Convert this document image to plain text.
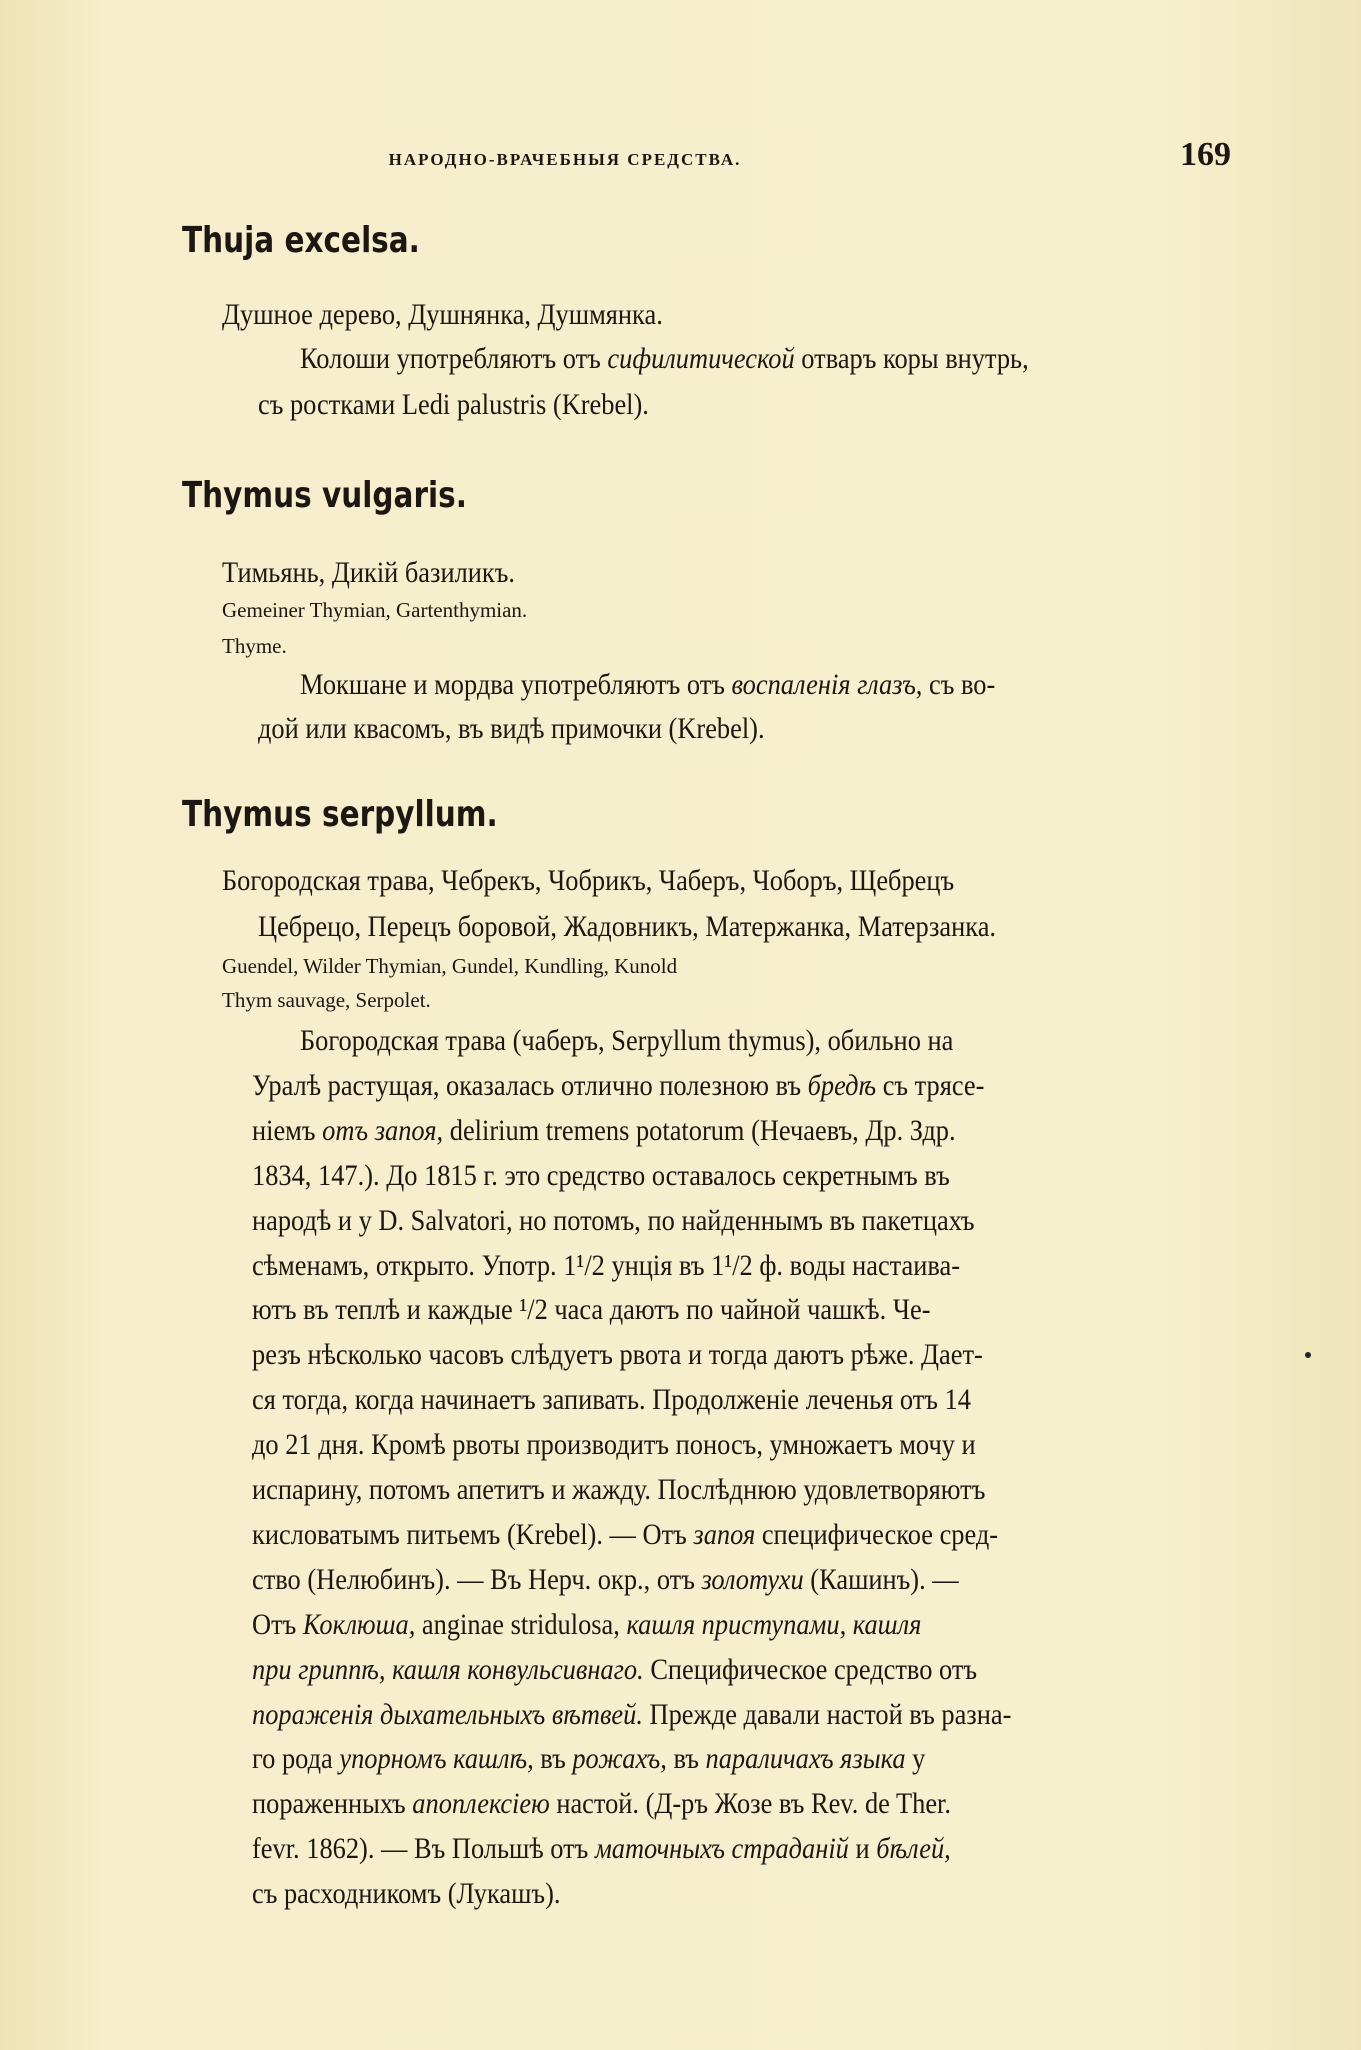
НАРОДНО-ВРАЧЕБНЫЯ СРЕДСТВА.	169
Thuja excelsa.
Душное дерево, Душнянка, Душмянка.
Колоши употребляютъ отъ сифилитической отваръ коры внутрь,
съ ростками Ledi palustris (Krebel).
Thymus vulgaris.
Тимьянь, Дикій базиликъ.
Gemeiner Thymian, Gartenthymian.
Thyme.
Мокшане и мордва употребляютъ отъ воспаленія глазъ, съ во-
дой или квасомъ, въ видѣ примочки (Krebel).
Thymus serpyllum.
Богородская трава, Чебрекъ, Чобрикъ, Чаберъ, Чоборъ, Щебрецъ
Цебрецо, Перецъ боровой, Жадовникъ, Матержанка, Матерзанка.
Guendel, Wilder Thymian, Gundel, Kundling, Kunold
Thym sauvage, Serpolet.
Богородская трава (чаберъ, Serpyllum thymus), обильно на
Уралѣ растущая, оказалась отлично полезною въ бредѣ съ трясе-
ніемъ отъ запоя, delirium tremens potatorum (Нечаевъ, Др. Здр.
1834, 147.). До 1815 г. это средство оставалось секретнымъ въ
народѣ и у D. Salvatori, но потомъ, по найденнымъ въ пакетцахъ
сѣменамъ, открыто. Употр. 1¹/2 унція въ 1¹/2 ф. воды настаива-
ютъ въ теплѣ и каждые ¹/2 часа даютъ по чайной чашкѣ. Че-
резъ нѣсколько часовъ слѣдуетъ рвота и тогда даютъ рѣже. Дает-
ся тогда, когда начинаетъ запивать. Продолженіе леченья отъ 14
до 21 дня. Кромѣ рвоты производитъ поносъ, умножаетъ мочу и
испарину, потомъ апетитъ и жажду. Послѣднюю удовлетворяютъ
кисловатымъ питьемъ (Krebel). — Отъ запоя специфическое сред-
ство (Нелюбинъ). — Въ Нерч. окр., отъ золотухи (Кашинъ). —
Отъ Коклюша, anginae stridulosa, кашля приступами, кашля
при гриппѣ, кашля конвульсивнаго. Специфическое средство отъ
пораженія дыхательныхъ вѣтвей. Прежде давали настой въ разна-
го рода упорномъ кашлѣ, въ рожахъ, въ параличахъ языка у
пораженныхъ апоплексіею настой. (Д-ръ Жозе въ Rev. de Ther.
fevr. 1862). — Въ Польшѣ отъ маточныхъ страданій и бѣлей,
съ расходникомъ (Лукашъ).
